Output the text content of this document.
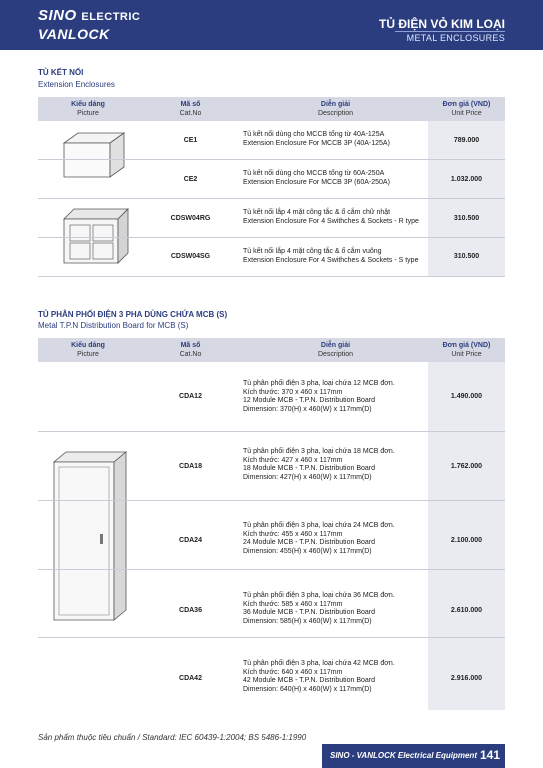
SINO ELECTRIC
VANLOCK
TỦ ĐIỆN VỎ KIM LOẠI
METAL ENCLOSURES
TỦ KẾT NỐI
Extension Enclosures
Kiểu dáng
Picture
Mã số
Cat.No
Diễn giải
Description
Đơn giá (VND)
Unit Price
CE1
Tủ kết nối dùng cho MCCB tổng từ 40A-125A
Extension Enclosure For MCCB 3P (40A-125A)	789.000
CE2
Tủ kết nối dùng cho MCCB tổng từ 60A-250A
Extension Enclosure For MCCB 3P (60A-250A)	1.032.000
CDSW04RG
Tủ kết nối lắp 4 mặt công tắc & ổ cắm chữ nhật
Extension Enclosure For 4 Swithches & Sockets - R type	310.500
CDSW04SG
Tủ kết nối lắp 4 mặt công tắc & ổ cắm vuông
Extension Enclosure For 4 Swithches & Sockets - S type	310.500
TỦ PHÂN PHỐI ĐIỆN 3 PHA DÙNG CHỨA MCB (S)
Metal T.P.N Distribution Board for MCB (S)
Kiểu dáng
Picture
Mã số
Cat.No
Diễn giải
Description
Đơn giá (VND)
Unit Price
CDA12
Tủ phân phối điện 3 pha, loại chứa 12 MCB đơn.
Kích thước: 370 x 460 x 117mm
12 Module MCB - T.P.N. Distribution Board
Dimension: 370(H) x 460(W) x 117mm(D)
1.490.000
CDA18
Tủ phân phối điện 3 pha, loại chứa 18 MCB đơn.
Kích thước: 427 x 460 x 117mm
18 Module MCB - T.P.N. Distribution Board
Dimension: 427(H) x 460(W) x 117mm(D)
1.762.000
CDA24
Tủ phân phối điện 3 pha, loại chứa 24 MCB đơn.
Kích thước: 455 x 460 x 117mm
24 Module MCB - T.P.N. Distribution Board
Dimension: 455(H) x 460(W) x 117mm(D)
2.100.000
CDA36
Tủ phân phối điện 3 pha, loại chứa 36 MCB đơn.
Kích thước: 585 x 460 x 117mm
36 Module MCB - T.P.N. Distribution Board
Dimension: 585(H) x 460(W) x 117mm(D)
2.610.000
CDA42
Tủ phân phối điện 3 pha, loại chứa 42 MCB đơn.
Kích thước: 640 x 460 x 117mm
42 Module MCB - T.P.N. Distribution Board
Dimension: 640(H) x 460(W) x 117mm(D)
2.916.000
Sản phẩm thuộc tiêu chuẩn / Standard: IEC 60439-1:2004; BS 5486-1:1990
SINO - VANLOCK Electrical Equipment 141
